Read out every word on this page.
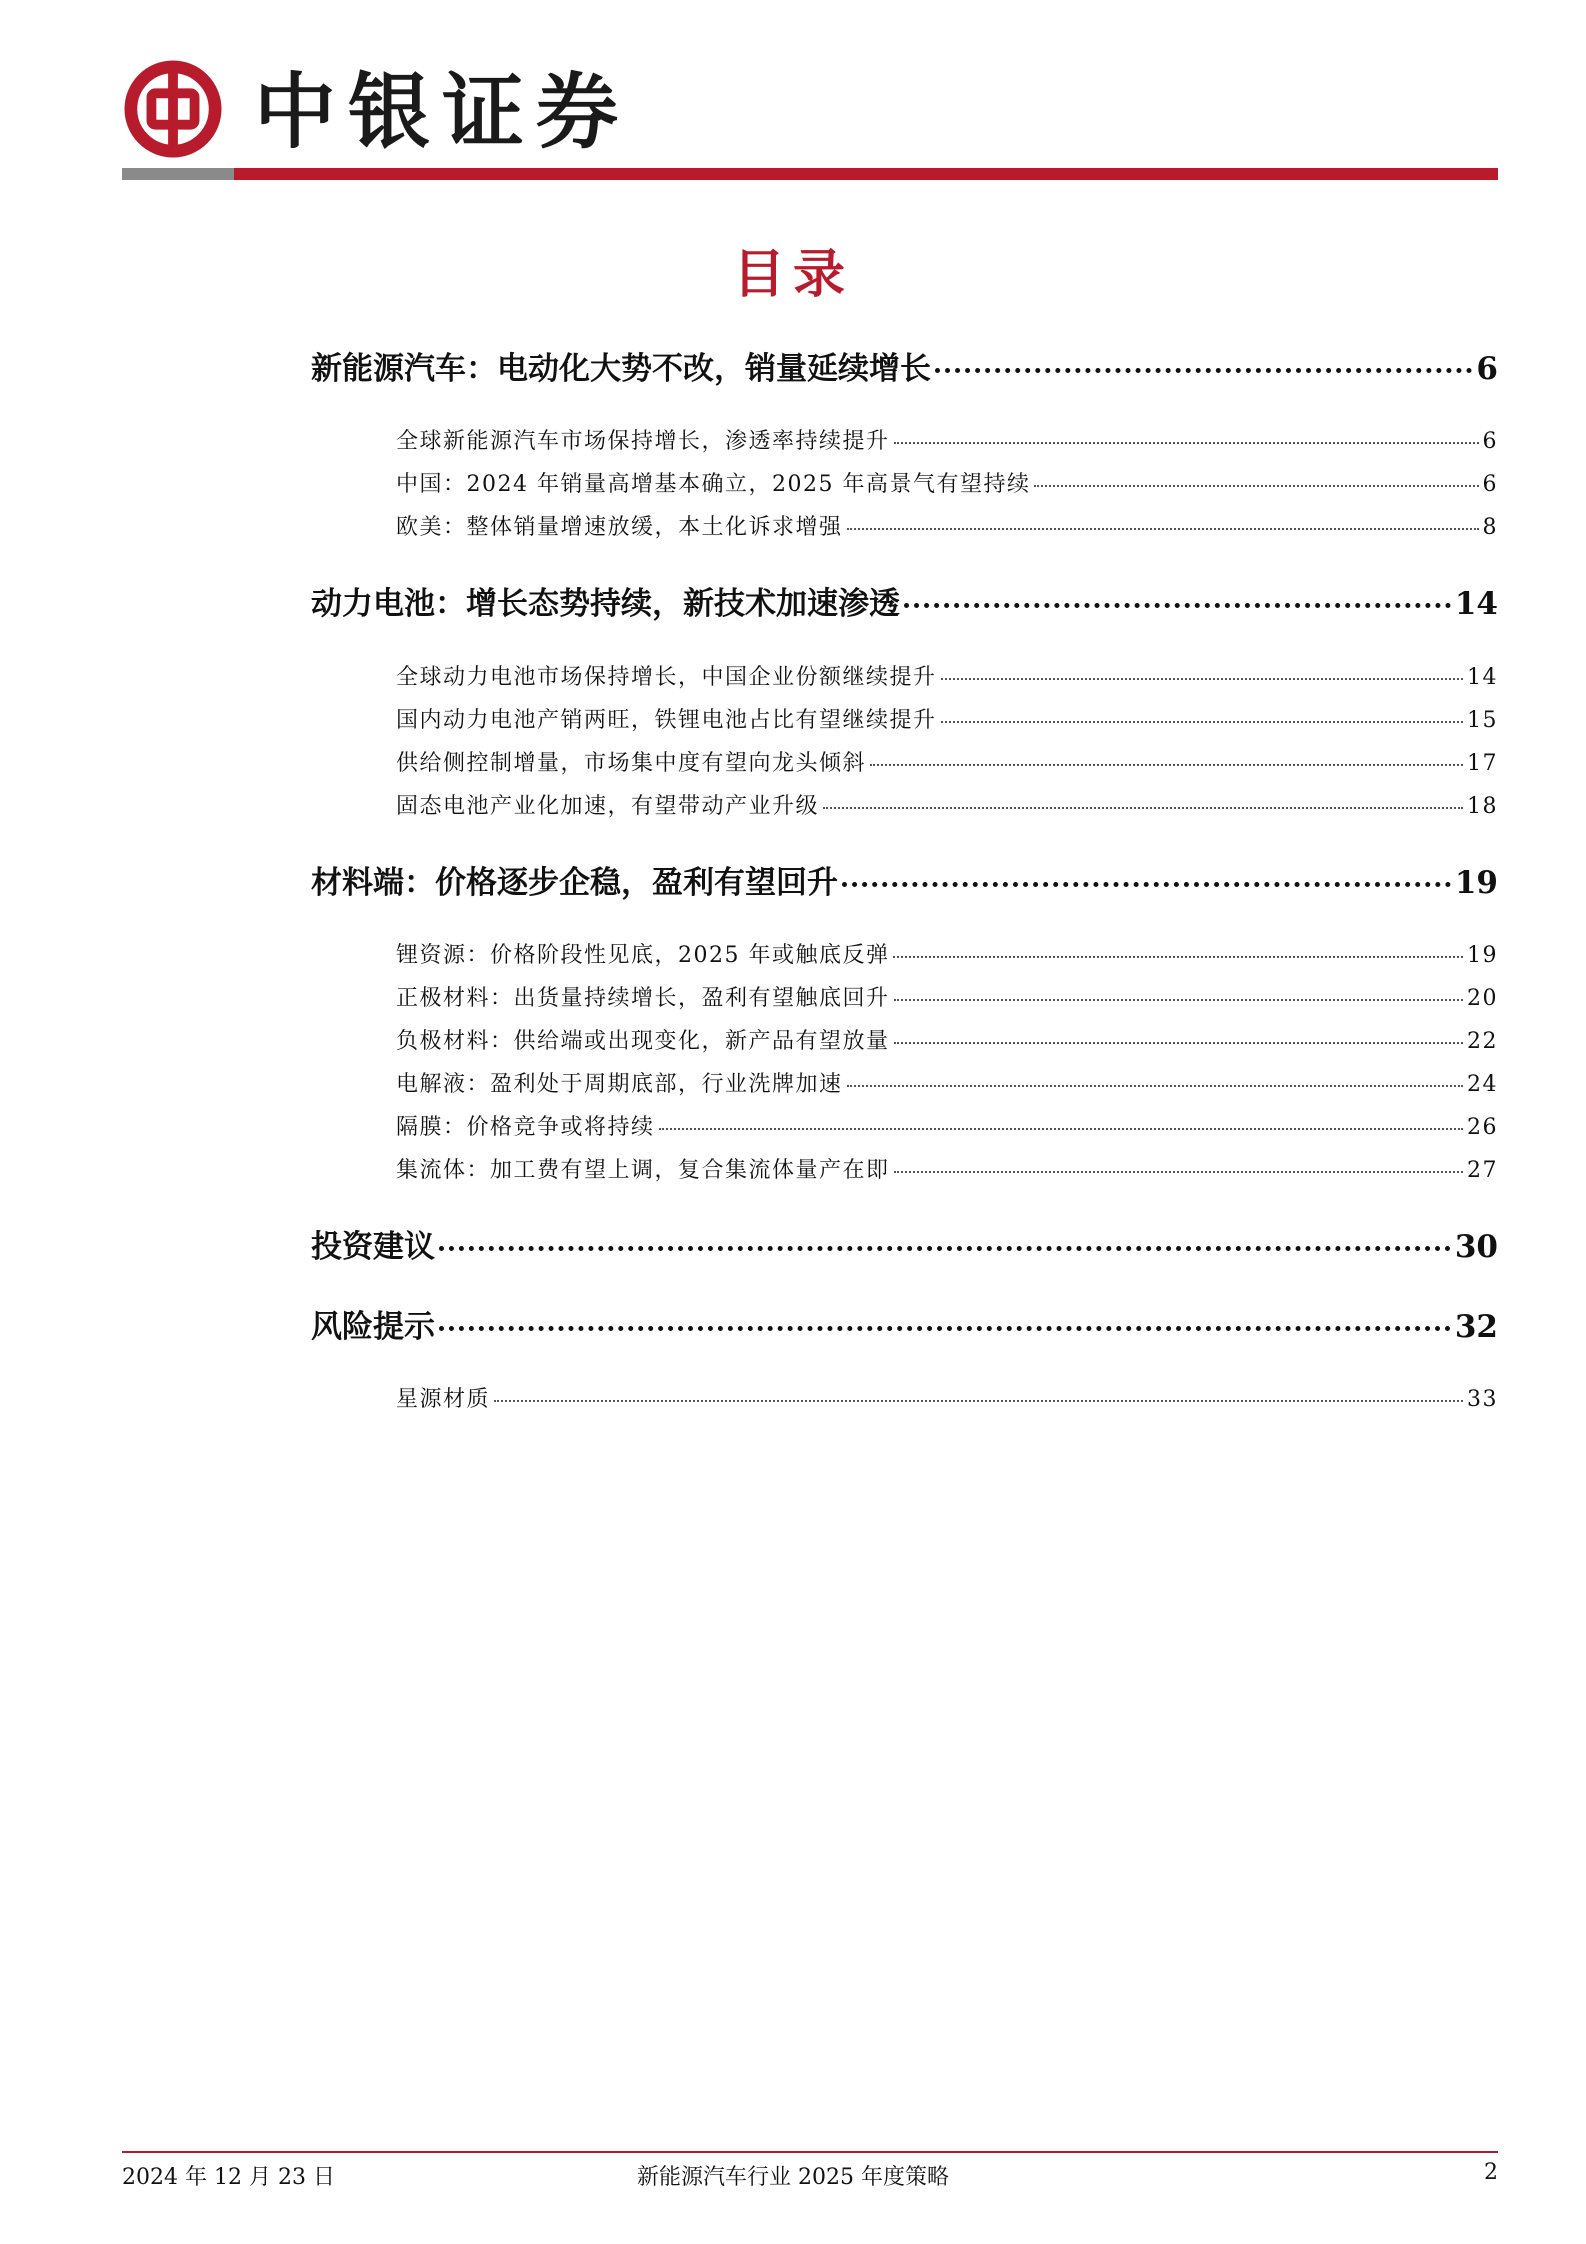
中银证券
目录
新能源汽车：电动化大势不改，销量延续增长	6
全球新能源汽车市场保持增长，渗透率持续提升	6
中国：2024 年销量高增基本确立，2025 年高景气有望持续	6
欧美：整体销量增速放缓，本土化诉求增强	8
动力电池：增长态势持续，新技术加速渗透	14
全球动力电池市场保持增长，中国企业份额继续提升	14
国内动力电池产销两旺，铁锂电池占比有望继续提升	15
供给侧控制增量，市场集中度有望向龙头倾斜	17
固态电池产业化加速，有望带动产业升级	18
材料端：价格逐步企稳，盈利有望回升	19
锂资源：价格阶段性见底，2025 年或触底反弹	19
正极材料：出货量持续增长，盈利有望触底回升	20
负极材料：供给端或出现变化，新产品有望放量	22
电解液：盈利处于周期底部，行业洗牌加速	24
隔膜：价格竞争或将持续	26
集流体：加工费有望上调，复合集流体量产在即	27
投资建议	30
风险提示	32
星源材质	33
2024 年 12 月 23 日	新能源汽车行业 2025 年度策略	2
